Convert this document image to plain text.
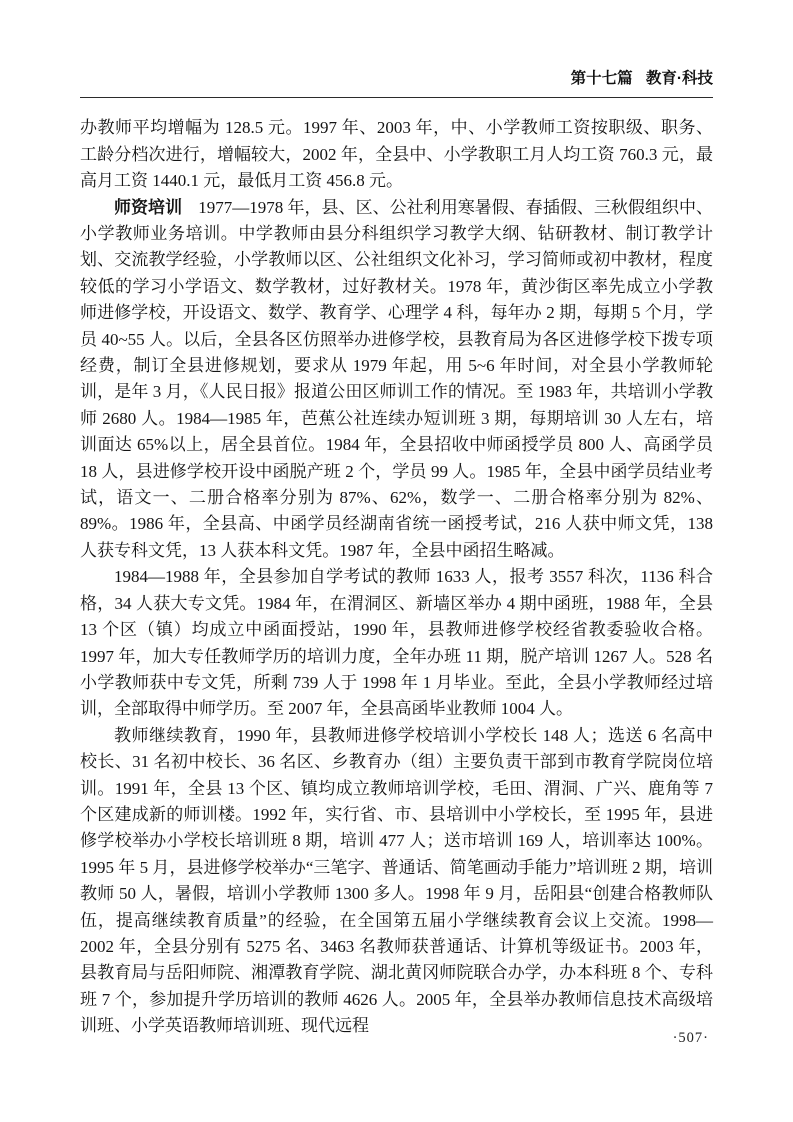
第十七篇 教育·科技

办教师平均增幅为 128.5 元。1997 年、2003 年，中、小学教师工资按职级、职务、工龄分档次进行，增幅较大，2002 年，全县中、小学教职工月人均工资 760.3 元，最高月工资 1440.1 元，最低月工资 456.8 元。

师资培训 1977—1978 年，县、区、公社利用寒暑假、春插假、三秋假组织中、小学教师业务培训。中学教师由县分科组织学习教学大纲、钻研教材、制订教学计划、交流教学经验，小学教师以区、公社组织文化补习，学习简师或初中教材，程度较低的学习小学语文、数学教材，过好教材关。1978 年，黄沙街区率先成立小学教师进修学校，开设语文、数学、教育学、心理学 4 科，每年办 2 期，每期 5 个月，学员 40~55 人。以后，全县各区仿照举办进修学校，县教育局为各区进修学校下拨专项经费，制订全县进修规划，要求从 1979 年起，用 5~6 年时间，对全县小学教师轮训，是年 3 月，《人民日报》报道公田区师训工作的情况。至 1983 年，共培训小学教师 2680 人。1984—1985 年，芭蕉公社连续办短训班 3 期，每期培训 30 人左右，培训面达 65%以上，居全县首位。1984 年，全县招收中师函授学员 800 人、高函学员 18 人，县进修学校开设中函脱产班 2 个，学员 99 人。1985 年，全县中函学员结业考试，语文一、二册合格率分别为 87%、62%，数学一、二册合格率分别为 82%、89%。1986 年，全县高、中函学员经湖南省统一函授考试，216 人获中师文凭，138 人获专科文凭，13 人获本科文凭。1987 年，全县中函招生略减。

1984—1988 年，全县参加自学考试的教师 1633 人，报考 3557 科次，1136 科合格，34 人获大专文凭。1984 年，在渭洞区、新墙区举办 4 期中函班，1988 年，全县 13 个区（镇）均成立中函面授站，1990 年，县教师进修学校经省教委验收合格。1997 年，加大专任教师学历的培训力度，全年办班 11 期，脱产培训 1267 人。528 名小学教师获中专文凭，所剩 739 人于 1998 年 1 月毕业。至此，全县小学教师经过培训，全部取得中师学历。至 2007 年，全县高函毕业教师 1004 人。

教师继续教育，1990 年，县教师进修学校培训小学校长 148 人；选送 6 名高中校长、31 名初中校长、36 名区、乡教育办（组）主要负责干部到市教育学院岗位培训。1991 年，全县 13 个区、镇均成立教师培训学校，毛田、渭洞、广兴、鹿角等 7 个区建成新的师训楼。1992 年，实行省、市、县培训中小学校长，至 1995 年，县进修学校举办小学校长培训班 8 期，培训 477 人；送市培训 169 人，培训率达 100%。1995 年 5 月，县进修学校举办“三笔字、普通话、简笔画动手能力”培训班 2 期，培训教师 50 人，暑假，培训小学教师 1300 多人。1998 年 9 月，岳阳县“创建合格教师队伍，提高继续教育质量”的经验，在全国第五届小学继续教育会议上交流。1998—2002 年，全县分别有 5275 名、3463 名教师获普通话、计算机等级证书。2003 年，县教育局与岳阳师院、湘潭教育学院、湖北黄冈师院联合办学，办本科班 8 个、专科班 7 个，参加提升学历培训的教师 4626 人。2005 年，全县举办教师信息技术高级培训班、小学英语教师培训班、现代远程

·507·
